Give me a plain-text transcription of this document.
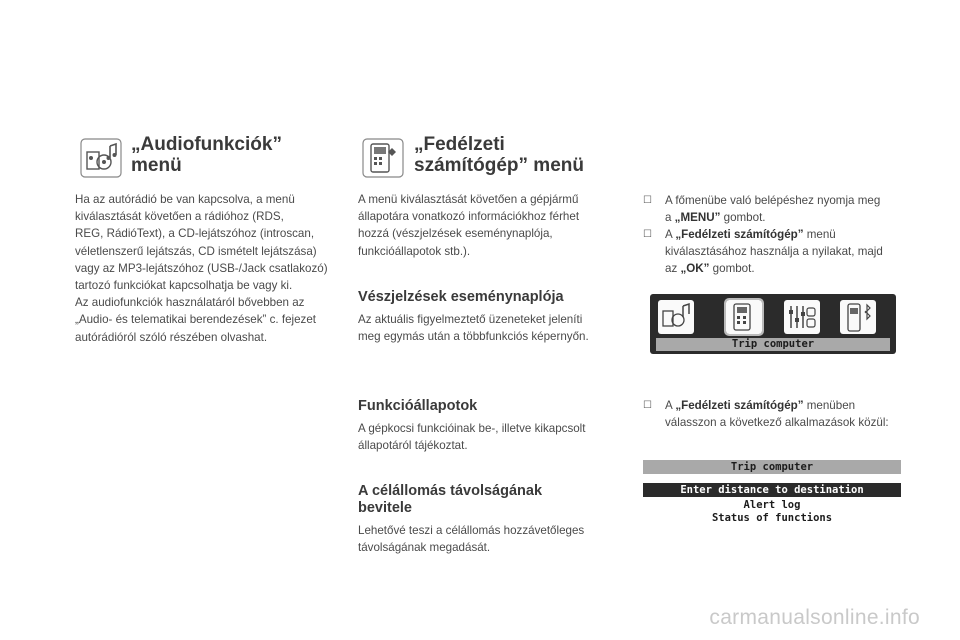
„Audiofunkciók”
menü
Ha az autórádió be van kapcsolva, a menü
kiválasztását követően a rádióhoz (RDS,
REG, RádióText), a CD-lejátszóhoz (introscan,
véletlenszerű lejátszás, CD ismételt lejátszása)
vagy az MP3-lejátszóhoz (USB-/Jack csatlakozó)
tartozó funkciókat kapcsolhatja be vagy ki.
Az audiofunkciók használatáról bővebben az
„Audio- és telematikai berendezések” c. fejezet
autórádióról szóló részében olvashat.
„Fedélzeti
számítógép” menü
A menü kiválasztását követően a gépjármű
állapotára vonatkozó információkhoz férhet
hozzá (vészjelzések eseménynaplója,
funkcióállapotok stb.).
Vészjelzések eseménynaplója
Az aktuális figyelmeztető üzeneteket jeleníti
meg egymás után a többfunkciós képernyőn.
Funkcióállapotok
A gépkocsi funkcióinak be-, illetve kikapcsolt
állapotáról tájékoztat.
A célállomás távolságának
bevitele
Lehetővé teszi a célállomás hozzávetőleges
távolságának megadását.
☐ A főmenübe való belépéshez nyomja meg
a „MENU” gombot.
☐ A „Fedélzeti számítógép” menü
kiválasztásához használja a nyilakat, majd
az „OK” gombot.
☐ A „Fedélzeti számítógép” menüben
válasszon a következő alkalmazások közül:
Trip computer
Trip computer
Enter distance to destination
Alert log
Status of functions
carmanualsonline.info
